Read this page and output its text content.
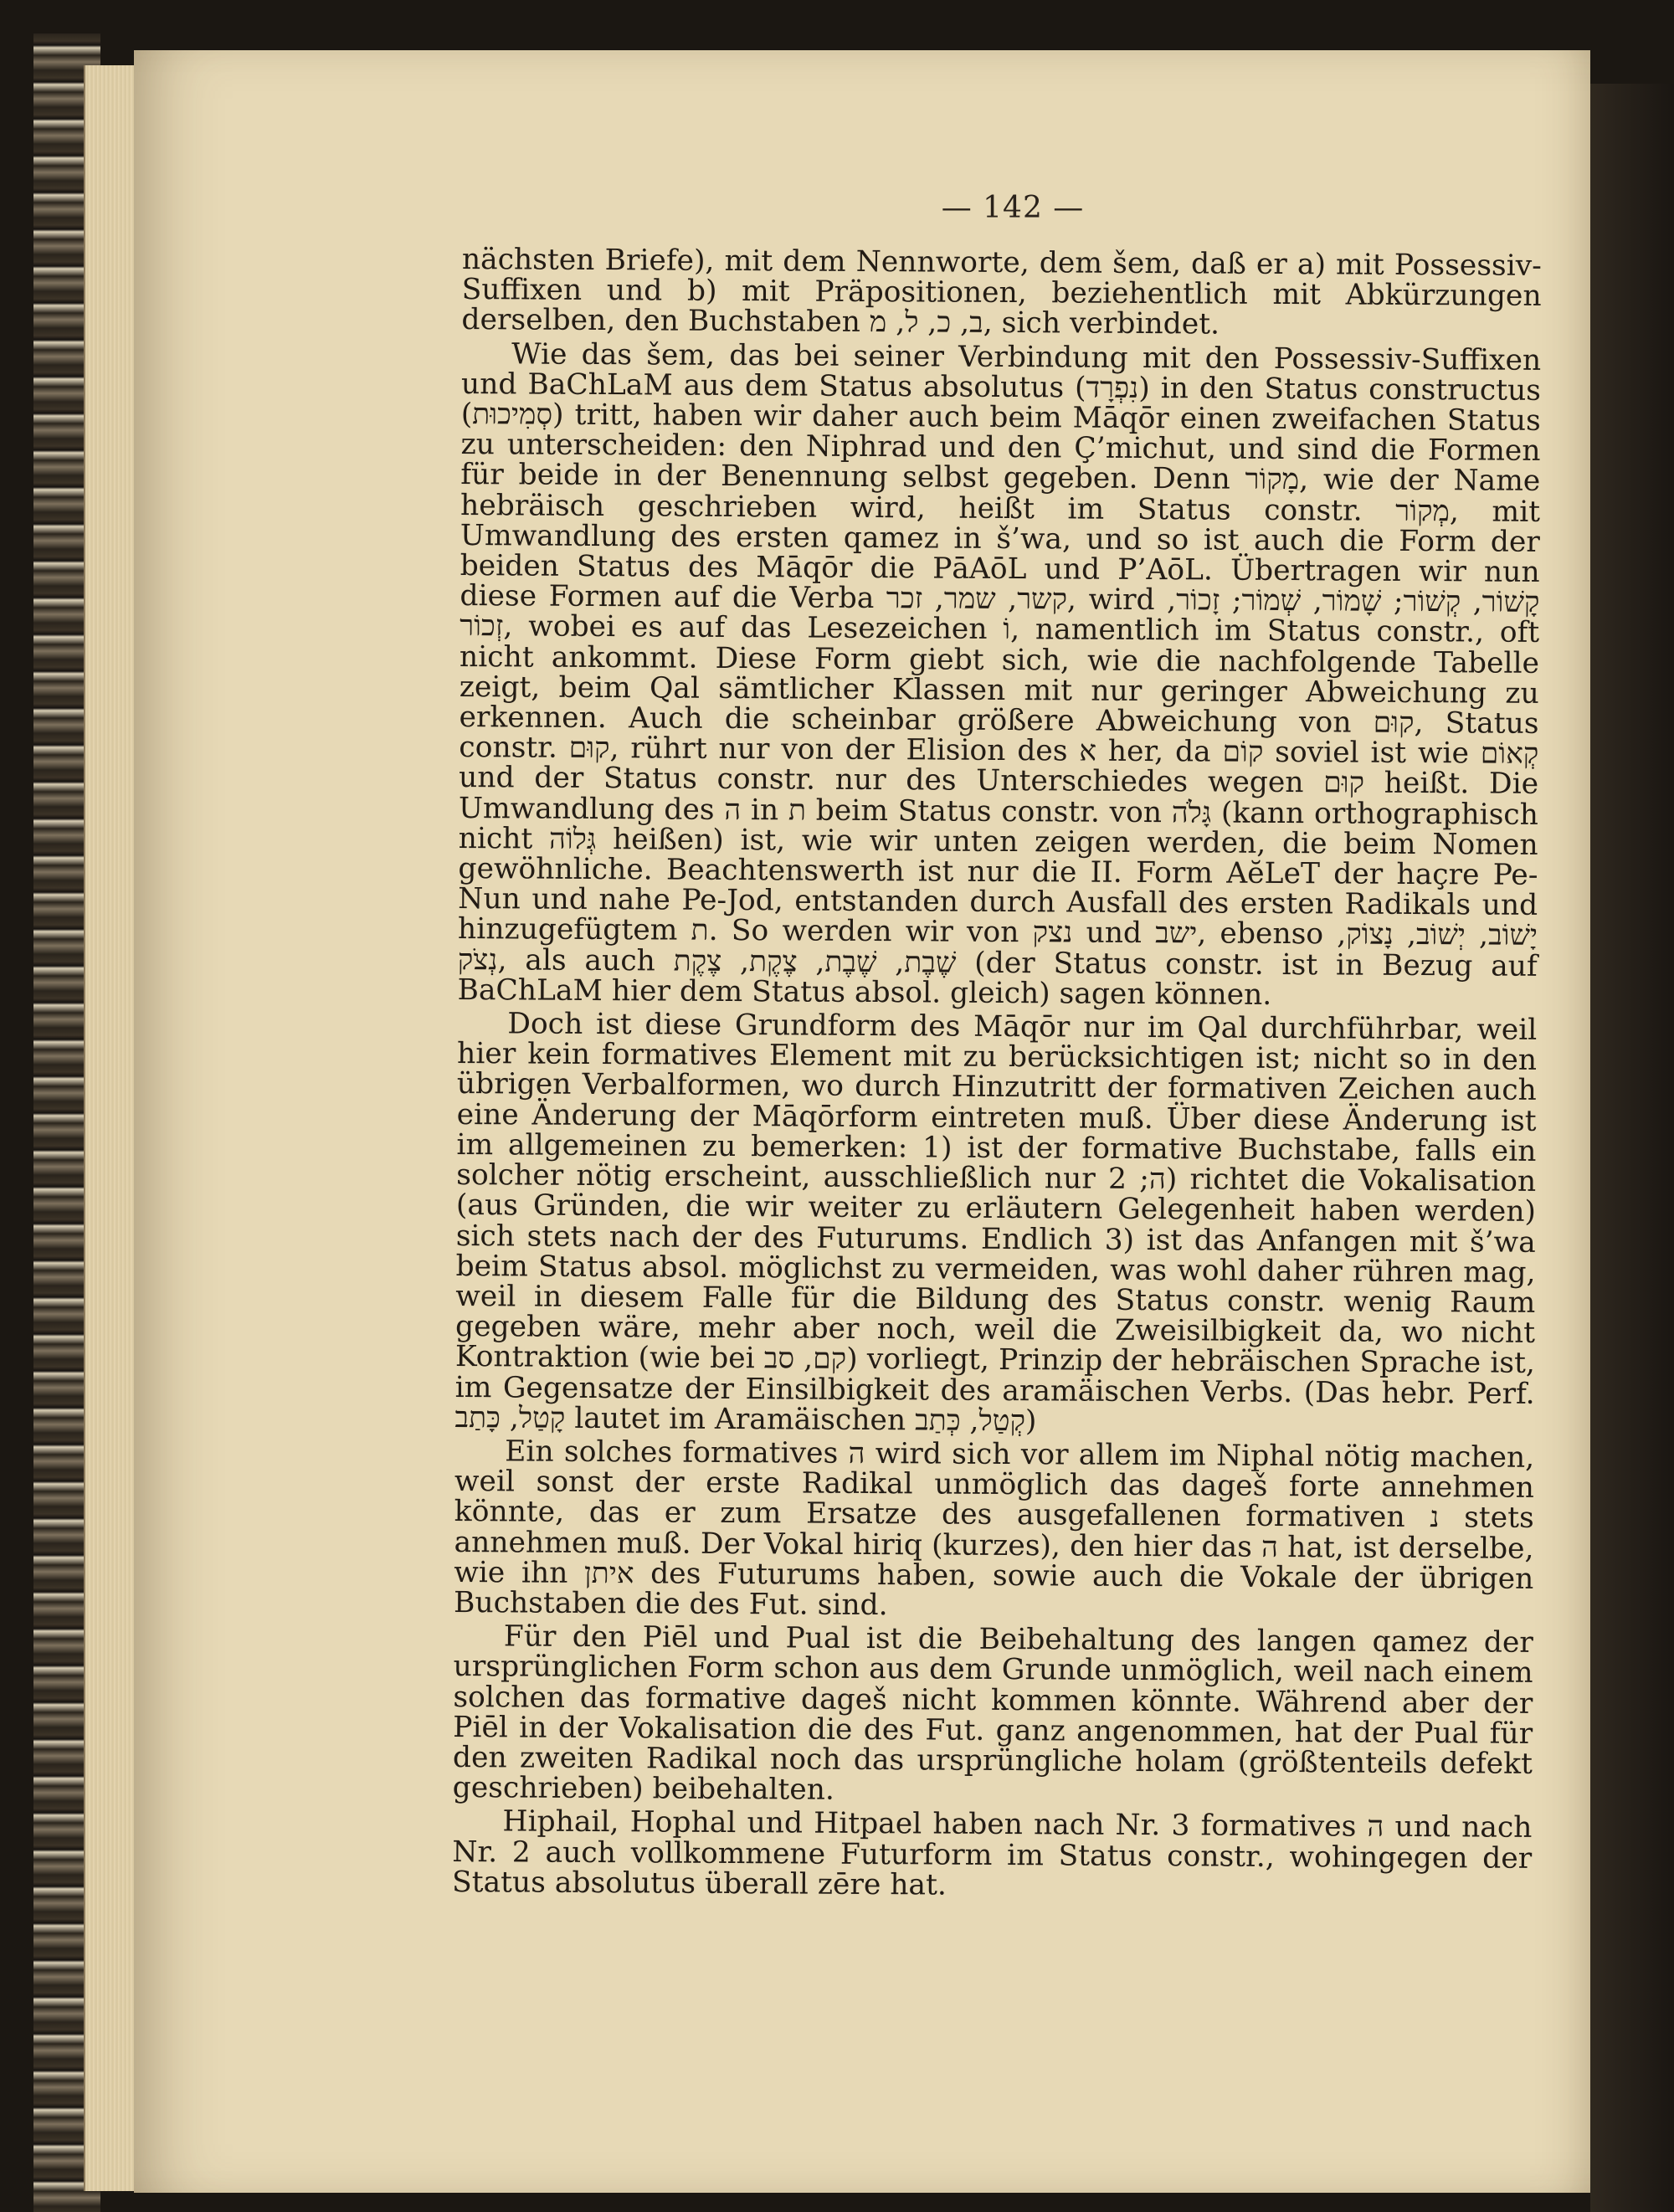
— 142 —

nächsten Briefe), mit dem Nennworte, dem šem, daß er a) mit Possessiv-Suffixen und b) mit Präpositionen, beziehentlich mit Abkürzungen derselben, den Buchstaben ב, כ, ל, מ, sich verbindet.

Wie das šem, das bei seiner Verbindung mit den Possessiv-Suffixen und BaChLaM aus dem Status absolutus (נִפְרָד) in den Status constructus (סְמִיכוּת) tritt, haben wir daher auch beim Māqōr einen zweifachen Status zu unterscheiden: den Niphrad und den Ç’michut, und sind die Formen für beide in der Benennung selbst gegeben. Denn מָקוֹר, wie der Name hebräisch geschrieben wird, heißt im Status constr. מְקוֹר, mit Umwandlung des ersten qamez in š’wa, und so ist auch die Form der beiden Status des Māqōr die PāAōL und P’AōL. Übertragen wir nun diese Formen auf die Verba קשר, שמר, זכר, wird קָשׁוֹר, קְשׁוֹר; שָׁמוֹר, שְׁמוֹר; זָכוֹר, זְכוֹר, wobei es auf das Lesezeichen וֹ, namentlich im Status constr., oft nicht ankommt. Diese Form giebt sich, wie die nachfolgende Tabelle zeigt, beim Qal sämtlicher Klassen mit nur geringer Abweichung zu erkennen. Auch die scheinbar größere Abweichung von קוּם, Status constr. קוּם, rührt nur von der Elision des א her, da קוֹם soviel ist wie קְאוֹם und der Status constr. nur des Unterschiedes wegen קוּם heißt. Die Umwandlung des ה in ת beim Status constr. von גָּלֹה (kann orthographisch nicht גְּלוֹה heißen) ist, wie wir unten zeigen werden, die beim Nomen gewöhnliche. Beachtenswerth ist nur die II. Form AĕLeT der haçre Pe-Nun und nahe Pe-Jod, entstanden durch Ausfall des ersten Radikals und hinzugefügtem ת. So werden wir von נצק und ישב, ebenso יָשׁוֹב, יְשׁוֹב, נָצוֹק, נְצֹק, als auch שֶׁבֶת, שֶׁבֶת, צֶקֶת, צֶקֶת (der Status constr. ist in Bezug auf BaChLaM hier dem Status absol. gleich) sagen können.

Doch ist diese Grundform des Māqōr nur im Qal durchführbar, weil hier kein formatives Element mit zu berücksichtigen ist; nicht so in den übrigen Verbalformen, wo durch Hinzutritt der formativen Zeichen auch eine Änderung der Māqōrform eintreten muß. Über diese Änderung ist im allgemeinen zu bemerken: 1) ist der formative Buchstabe, falls ein solcher nötig erscheint, ausschließlich nur ה; 2) richtet die Vokalisation (aus Gründen, die wir weiter zu erläutern Gelegenheit haben werden) sich stets nach der des Futurums. Endlich 3) ist das Anfangen mit š’wa beim Status absol. möglichst zu vermeiden, was wohl daher rühren mag, weil in diesem Falle für die Bildung des Status constr. wenig Raum gegeben wäre, mehr aber noch, weil die Zweisilbigkeit da, wo nicht Kontraktion (wie bei קם, סב) vorliegt, Prinzip der hebräischen Sprache ist, im Gegensatze der Einsilbigkeit des aramäischen Verbs. (Das hebr. Perf. קָטַל, כָּתַב lautet im Aramäischen קְטַל, כְּתַב)

Ein solches formatives ה wird sich vor allem im Niphal nötig machen, weil sonst der erste Radikal unmöglich das dageš forte annehmen könnte, das er zum Ersatze des ausgefallenen formativen נ stets annehmen muß. Der Vokal hiriq (kurzes), den hier das ה hat, ist derselbe, wie ihn איתן des Futurums haben, sowie auch die Vokale der übrigen Buchstaben die des Fut. sind.

Für den Piēl und Pual ist die Beibehaltung des langen qamez der ursprünglichen Form schon aus dem Grunde unmöglich, weil nach einem solchen das formative dageš nicht kommen könnte. Während aber der Piēl in der Vokalisation die des Fut. ganz angenommen, hat der Pual für den zweiten Radikal noch das ursprüngliche holam (größtenteils defekt geschrieben) beibehalten.

Hiphail, Hophal und Hitpael haben nach Nr. 3 formatives ה und nach Nr. 2 auch vollkommene Futurform im Status constr., wohingegen der Status absolutus überall zēre hat.
